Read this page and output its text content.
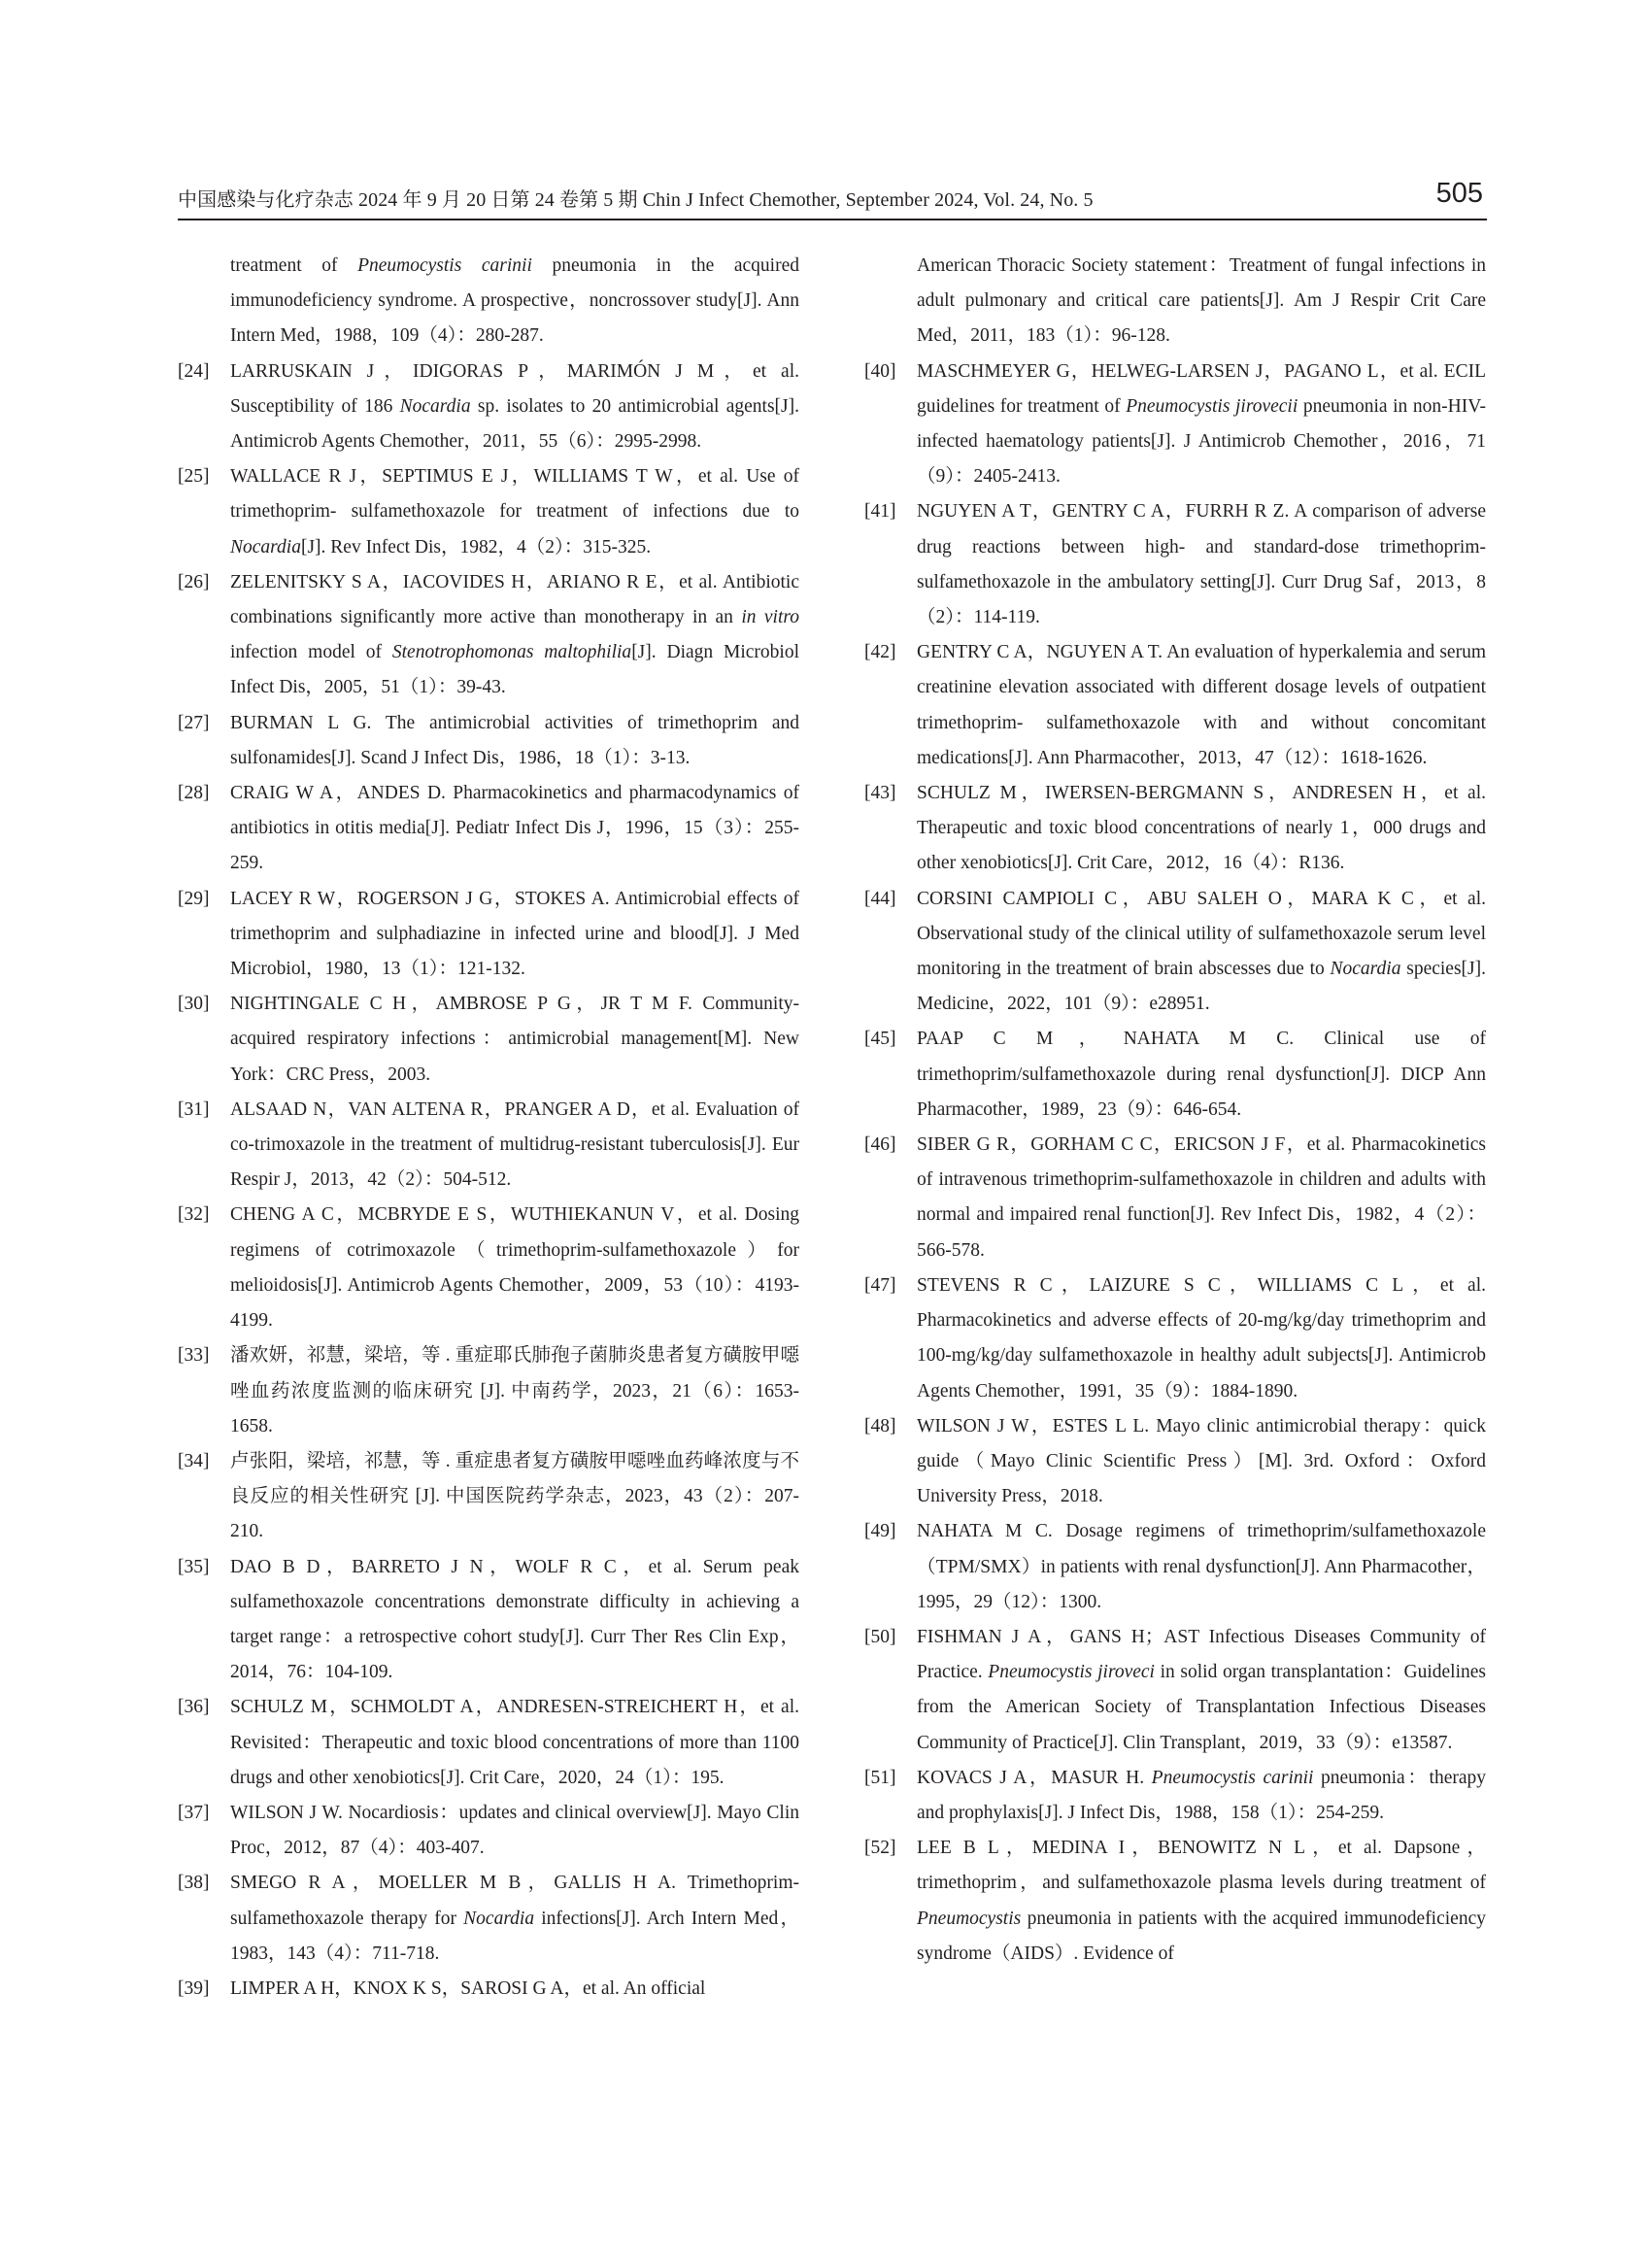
中国感染与化疗杂志 2024 年 9 月 20 日第 24 卷第 5 期 Chin J Infect Chemother, September 2024, Vol. 24, No. 5	505

treatment of Pneumocystis carinii pneumonia in the acquired immunodeficiency syndrome. A prospective，noncrossover study[J]. Ann Intern Med，1988，109（4）：280-287.

[24] LARRUSKAIN J，IDIGORAS P，MARIMÓN J M，et al. Susceptibility of 186 Nocardia sp. isolates to 20 antimicrobial agents[J]. Antimicrob Agents Chemother，2011，55（6）：2995-2998.

[25] WALLACE R J，SEPTIMUS E J，WILLIAMS T W，et al. Use of trimethoprim- sulfamethoxazole for treatment of infections due to Nocardia[J]. Rev Infect Dis，1982，4（2）：315-325.

[26] ZELENITSKY S A，IACOVIDES H，ARIANO R E，et al. Antibiotic combinations significantly more active than monotherapy in an in vitro infection model of Stenotrophomonas maltophilia[J]. Diagn Microbiol Infect Dis，2005，51（1）：39-43.

[27] BURMAN L G. The antimicrobial activities of trimethoprim and sulfonamides[J]. Scand J Infect Dis，1986，18（1）：3-13.

[28] CRAIG W A，ANDES D. Pharmacokinetics and pharmacodynamics of antibiotics in otitis media[J]. Pediatr Infect Dis J，1996，15（3）：255-259.

[29] LACEY R W，ROGERSON J G，STOKES A. Antimicrobial effects of trimethoprim and sulphadiazine in infected urine and blood[J]. J Med Microbiol，1980，13（1）：121-132.

[30] NIGHTINGALE C H，AMBROSE P G，JR T M F. Community-acquired respiratory infections：antimicrobial management[M]. New York：CRC Press，2003.

[31] ALSAAD N，VAN ALTENA R，PRANGER A D，et al. Evaluation of co-trimoxazole in the treatment of multidrug-resistant tuberculosis[J]. Eur Respir J，2013，42（2）：504-512.

[32] CHENG A C，MCBRYDE E S，WUTHIEKANUN V，et al. Dosing regimens of cotrimoxazole（trimethoprim-sulfamethoxazole）for melioidosis[J]. Antimicrob Agents Chemother，2009，53（10）：4193-4199.

[33] 潘欢妍，祁慧，梁培，等 . 重症耶氏肺孢子菌肺炎患者复方磺胺甲噁唑血药浓度监测的临床研究 [J]. 中南药学，2023，21（6）：1653-1658.

[34] 卢张阳，梁培，祁慧，等 . 重症患者复方磺胺甲噁唑血药峰浓度与不良反应的相关性研究 [J]. 中国医院药学杂志，2023，43（2）：207-210.

[35] DAO B D，BARRETO J N，WOLF R C，et al. Serum peak sulfamethoxazole concentrations demonstrate difficulty in achieving a target range：a retrospective cohort study[J]. Curr Ther Res Clin Exp，2014，76：104-109.

[36] SCHULZ M，SCHMOLDT A，ANDRESEN-STREICHERT H，et al. Revisited：Therapeutic and toxic blood concentrations of more than 1100 drugs and other xenobiotics[J]. Crit Care，2020，24（1）：195.

[37] WILSON J W. Nocardiosis：updates and clinical overview[J]. Mayo Clin Proc，2012，87（4）：403-407.

[38] SMEGO R A，MOELLER M B，GALLIS H A. Trimethoprim-sulfamethoxazole therapy for Nocardia infections[J]. Arch Intern Med，1983，143（4）：711-718.

[39] LIMPER A H，KNOX K S，SAROSI G A，et al. An official

American Thoracic Society statement：Treatment of fungal infections in adult pulmonary and critical care patients[J]. Am J Respir Crit Care Med，2011，183（1）：96-128.

[40] MASCHMEYER G，HELWEG-LARSEN J，PAGANO L，et al. ECIL guidelines for treatment of Pneumocystis jirovecii pneumonia in non-HIV-infected haematology patients[J]. J Antimicrob Chemother，2016，71（9）：2405-2413.

[41] NGUYEN A T，GENTRY C A，FURRH R Z. A comparison of adverse drug reactions between high- and standard-dose trimethoprim-sulfamethoxazole in the ambulatory setting[J]. Curr Drug Saf，2013，8（2）：114-119.

[42] GENTRY C A，NGUYEN A T. An evaluation of hyperkalemia and serum creatinine elevation associated with different dosage levels of outpatient trimethoprim- sulfamethoxazole with and without concomitant medications[J]. Ann Pharmacother，2013，47（12）：1618-1626.

[43] SCHULZ M，IWERSEN-BERGMANN S，ANDRESEN H，et al. Therapeutic and toxic blood concentrations of nearly 1，000 drugs and other xenobiotics[J]. Crit Care，2012，16（4）：R136.

[44] CORSINI CAMPIOLI C，ABU SALEH O，MARA K C，et al. Observational study of the clinical utility of sulfamethoxazole serum level monitoring in the treatment of brain abscesses due to Nocardia species[J]. Medicine，2022，101（9）：e28951.

[45] PAAP C M，NAHATA M C. Clinical use of trimethoprim/sulfamethoxazole during renal dysfunction[J]. DICP Ann Pharmacother，1989，23（9）：646-654.

[46] SIBER G R，GORHAM C C，ERICSON J F，et al. Pharmacokinetics of intravenous trimethoprim-sulfamethoxazole in children and adults with normal and impaired renal function[J]. Rev Infect Dis，1982，4（2）：566-578.

[47] STEVENS R C，LAIZURE S C，WILLIAMS C L，et al. Pharmacokinetics and adverse effects of 20-mg/kg/day trimethoprim and 100-mg/kg/day sulfamethoxazole in healthy adult subjects[J]. Antimicrob Agents Chemother，1991，35（9）：1884-1890.

[48] WILSON J W，ESTES L L. Mayo clinic antimicrobial therapy：quick guide（Mayo Clinic Scientific Press）[M]. 3rd. Oxford：Oxford University Press，2018.

[49] NAHATA M C. Dosage regimens of trimethoprim/sulfamethoxazole（TPM/SMX）in patients with renal dysfunction[J]. Ann Pharmacother，1995，29（12）：1300.

[50] FISHMAN J A，GANS H；AST Infectious Diseases Community of Practice. Pneumocystis jiroveci in solid organ transplantation：Guidelines from the American Society of Transplantation Infectious Diseases Community of Practice[J]. Clin Transplant，2019，33（9）：e13587.

[51] KOVACS J A，MASUR H. Pneumocystis carinii pneumonia：therapy and prophylaxis[J]. J Infect Dis，1988，158（1）：254-259.

[52] LEE B L，MEDINA I，BENOWITZ N L，et al. Dapsone，trimethoprim，and sulfamethoxazole plasma levels during treatment of Pneumocystis pneumonia in patients with the acquired immunodeficiency syndrome（AIDS）. Evidence of
